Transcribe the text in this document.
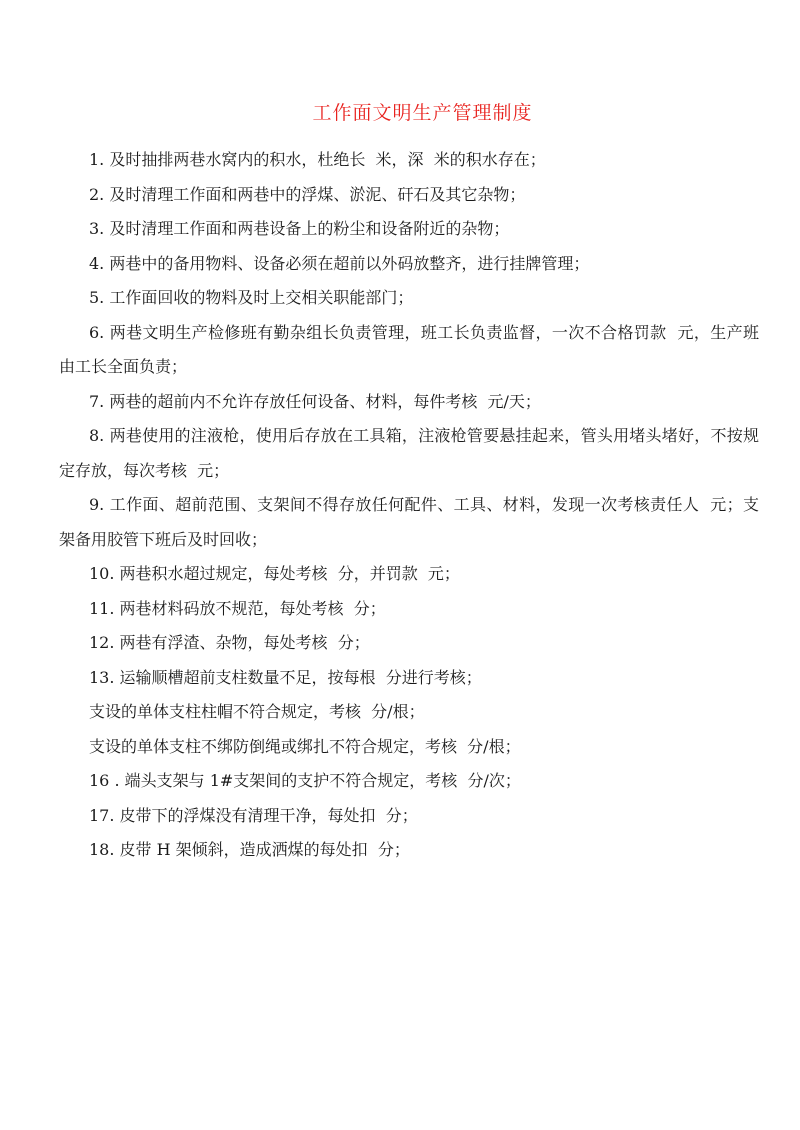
工作面文明生产管理制度

1. 及时抽排两巷水窝内的积水，杜绝长  米，深  米的积水存在；

2. 及时清理工作面和两巷中的浮煤、淤泥、矸石及其它杂物；

3. 及时清理工作面和两巷设备上的粉尘和设备附近的杂物；

4. 两巷中的备用物料、设备必须在超前以外码放整齐，进行挂牌管理；

5. 工作面回收的物料及时上交相关职能部门；

6. 两巷文明生产检修班有勤杂组长负责管理，班工长负责监督，一次不合格罚款  元，生产班由工长全面负责；

7. 两巷的超前内不允许存放任何设备、材料，每件考核  元/天；

8. 两巷使用的注液枪，使用后存放在工具箱，注液枪管要悬挂起来，管头用堵头堵好，不按规定存放，每次考核  元；

9. 工作面、超前范围、支架间不得存放任何配件、工具、材料，发现一次考核责任人  元；支架备用胶管下班后及时回收；

10. 两巷积水超过规定，每处考核  分，并罚款  元；

11. 两巷材料码放不规范，每处考核  分；

12. 两巷有浮渣、杂物，每处考核  分；

13. 运输顺槽超前支柱数量不足，按每根  分进行考核；

支设的单体支柱柱帽不符合规定，考核  分/根；

支设的单体支柱不绑防倒绳或绑扎不符合规定，考核  分/根；

16 . 端头支架与 1#支架间的支护不符合规定，考核  分/次；

17. 皮带下的浮煤没有清理干净，每处扣  分；

18. 皮带 H 架倾斜，造成洒煤的每处扣  分；
